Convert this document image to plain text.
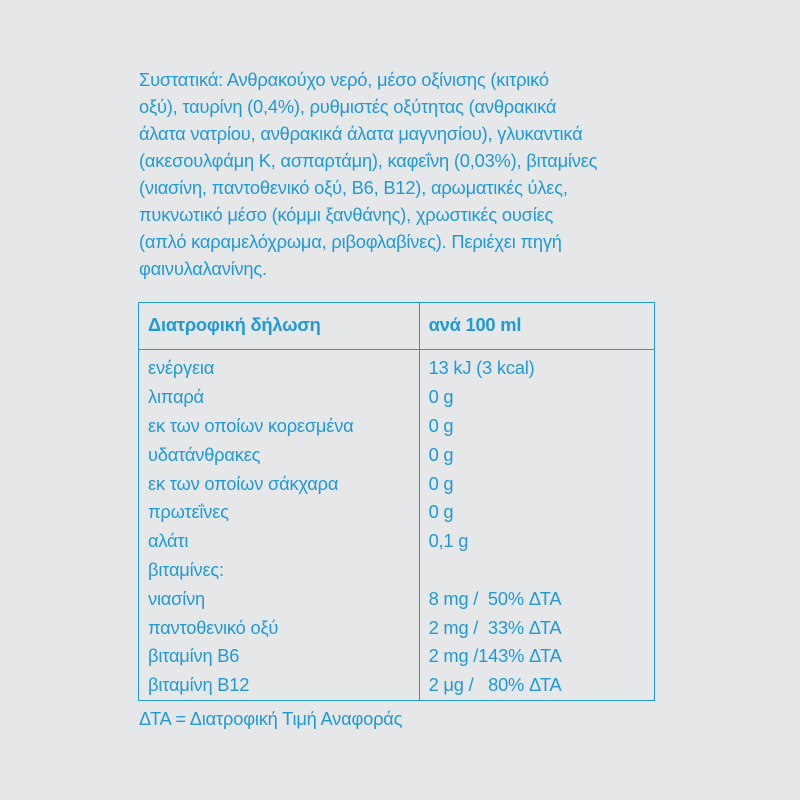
Συστατικά: Ανθρακούχο νερό, μέσο οξίνισης (κιτρικό
οξύ), ταυρίνη (0,4%), ρυθμιστές οξύτητας (ανθρακικά
άλατα νατρίου, ανθρακικά άλατα μαγνησίου), γλυκαντικά
(ακεσουλφάμη Κ, ασπαρτάμη), καφεΐνη (0,03%), βιταμίνες
(νιασίνη, παντοθενικό οξύ, Β6, Β12), αρωματικές ύλες,
πυκνωτικό μέσο (κόμμι ξανθάνης), χρωστικές ουσίες
(απλό καραμελόχρωμα, ριβοφλαβίνες). Περιέχει πηγή
φαινυλαλανίνης.

Διατροφική δήλωση	ανά 100 ml
ενέργεια	13 kJ (3 kcal)
λιπαρά	0 g
εκ των οποίων κορεσμένα	0 g
υδατάνθρακες	0 g
εκ των οποίων σάκχαρα	0 g
πρωτεΐνες	0 g
αλάτι	0,1 g
βιταμίνες:	
νιασίνη	8 mg /  50% ΔΤΑ
παντοθενικό οξύ	2 mg /  33% ΔΤΑ
βιταμίνη Β6	2 mg /143% ΔΤΑ
βιταμίνη Β12	2 μg /   80% ΔΤΑ

ΔΤΑ = Διατροφική Τιμή Αναφοράς
